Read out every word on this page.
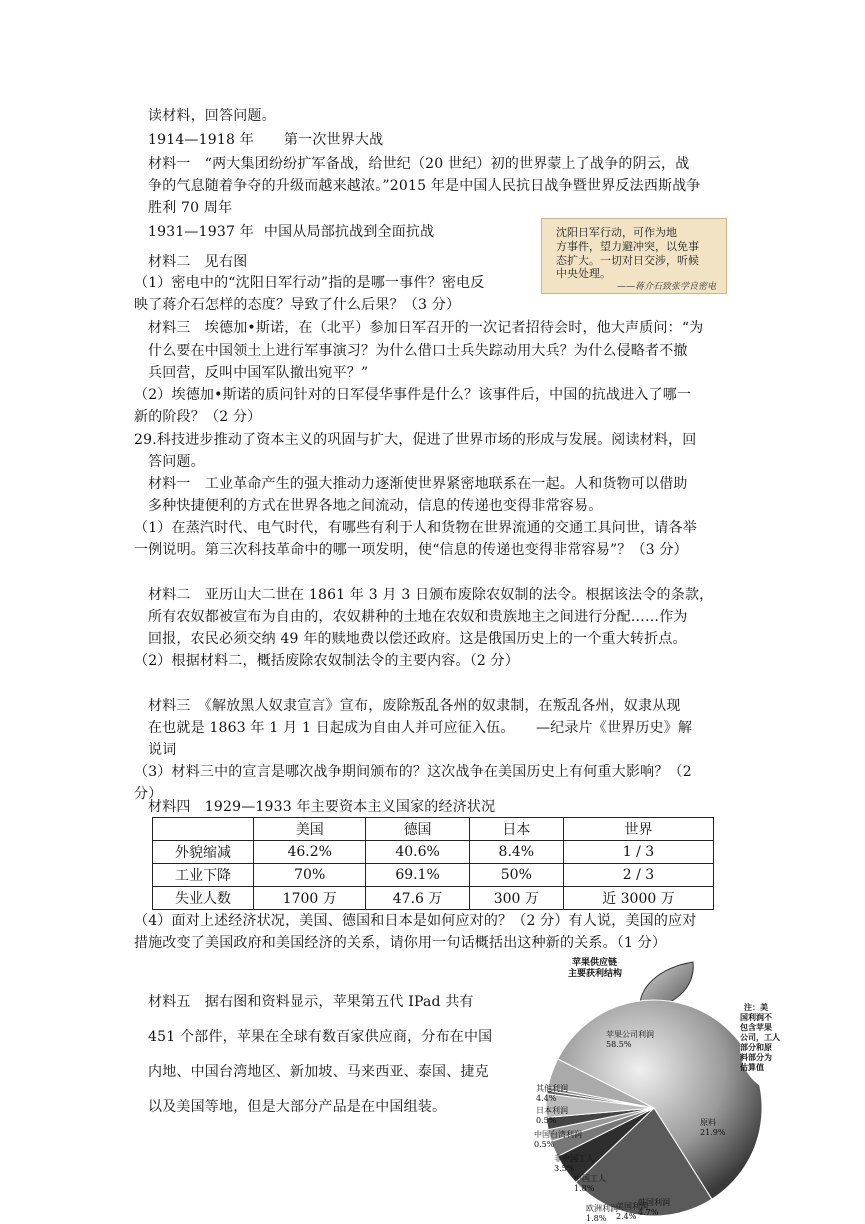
读材料，回答问题。
1914—1918 年 第一次世界大战
材料一　“两大集团纷纷扩军备战，给世纪（20 世纪）初的世界蒙上了战争的阴云，战
争的气息随着争夺的升级而越来越浓。”2015 年是中国人民抗日战争暨世界反法西斯战争
胜利 70 周年
1931—1937 年 中国从局部抗战到全面抗战
材料二　见右图
沈阳日军行动，可作为地
方事件，望力避冲突，以免事
态扩大。一切对日交涉，听候
中央处理。
——蒋介石致张学良密电
（1）密电中的“沈阳日军行动”指的是哪一事件？密电反
映了蒋介石怎样的态度？导致了什么后果？（3 分）
材料三　埃德加•斯诺，在（北平）参加日军召开的一次记者招待会时，他大声质问：“为
什么要在中国领土上进行军事演习？为什么借口士兵失踪动用大兵？为什么侵略者不撤
兵回营，反叫中国军队撤出宛平？”
（2）埃德加•斯诺的质问针对的日军侵华事件是什么？该事件后，中国的抗战进入了哪一
新的阶段？（2 分）
29.科技进步推动了资本主义的巩固与扩大，促进了世界市场的形成与发展。阅读材料，回
答问题。
材料一　工业革命产生的强大推动力逐渐使世界紧密地联系在一起。人和货物可以借助
多种快捷便利的方式在世界各地之间流动，信息的传递也变得非常容易。
（1）在蒸汽时代、电气时代，有哪些有利于人和货物在世界流通的交通工具问世，请各举
一例说明。第三次科技革命中的哪一项发明，使“信息的传递也变得非常容易”？（3 分）
材料二　亚历山大二世在 1861 年 3 月 3 日颁布废除农奴制的法令。根据该法令的条款，
所有农奴都被宣布为自由的，农奴耕种的土地在农奴和贵族地主之间进行分配……作为
回报，农民必须交纳 49 年的赎地费以偿还政府。这是俄国历史上的一个重大转折点。
（2）根据材料二，概括废除农奴制法令的主要内容。（2 分）
材料三　《解放黑人奴隶宣言》宣布，废除叛乱各州的奴隶制，在叛乱各州，奴隶从现
在也就是 1863 年 1 月 1 日起成为自由人并可应征入伍。　　—纪录片《世界历史》解
说词
（3）材料三中的宣言是哪次战争期间颁布的？这次战争在美国历史上有何重大影响？（2
分）
材料四　1929—1933 年主要资本主义国家的经济状况
	美国	德国	日本	世界
外貌缩减	46.2%	40.6%	8.4%	1 / 3
工业下降	70%	69.1%	50%	2 / 3
失业人数	1700 万	47.6 万	300 万	近 3000 万
（4）面对上述经济状况，美国、德国和日本是如何应对的？（2 分）有人说，美国的应对
措施改变了美国政府和美国经济的关系，请你用一句话概括出这种新的关系。（1 分）
材料五　据右图和资料显示，苹果第五代 IPad 共有
451 个部件，苹果在全球有数百家供应商，分布在中国
内地、中国台湾地区、新加坡、马来西亚、泰国、捷克
以及美国等地，但是大部分产品是在中国组装。
苹果供应链
主要获利结构
注：美
国利润不
包含苹果
公司，工人
部分和原
料部分为
估算值
苹果公司利润
58.5%
原料
21.9%
韩国利润
4.7%
美国利润
2.4%
欧洲利润
1.8%
中国工人
1.8%
非中国工人
3.5%
中国台湾利润
0.5%
日本利润
0.5%
其他利润
4.4%
